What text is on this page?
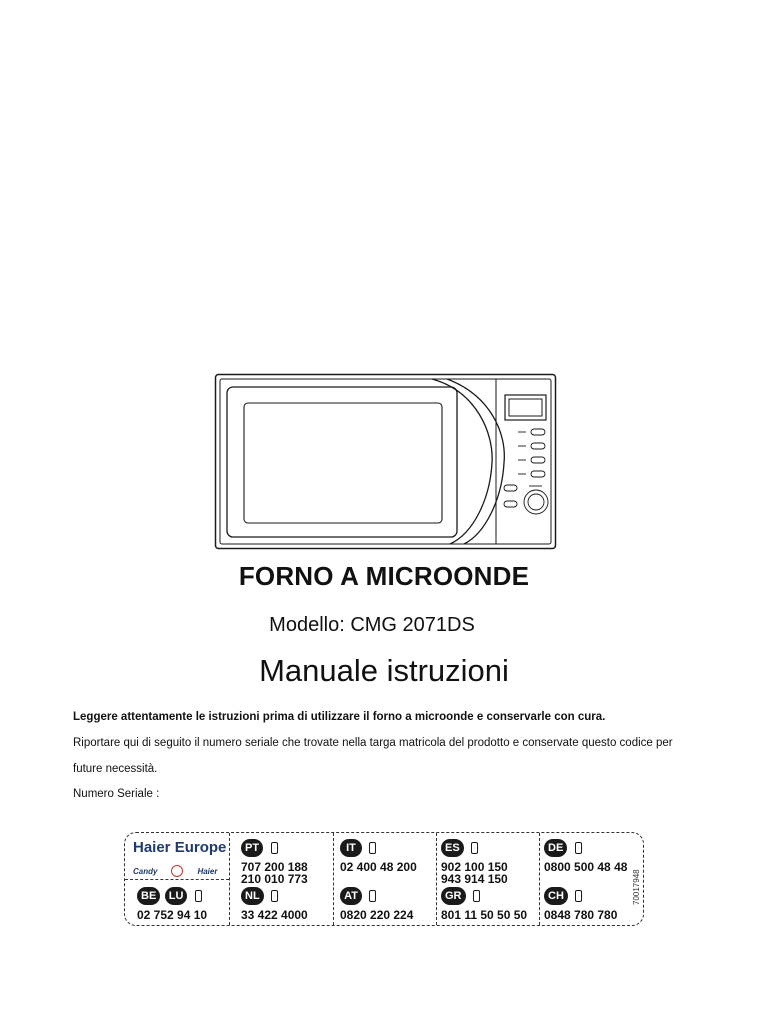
FORNO A MICROONDE
Modello: CMG 2071DS
Manuale istruzioni
Leggere attentamente le istruzioni prima di utilizzare il forno a microonde e conservarle con cura.
Riportare qui di seguito il numero seriale che trovate nella targa matricola del prodotto e conservate questo codice per
future necessità.
Numero Seriale :
Haier Europe
Candy	Haier
BE LU
02 752 94 10
PT
707 200 188
210 010 773
NL
33 422 4000
IT
02 400 48 200
AT
0820 220 224
ES
902 100 150
943 914 150
GR
801 11 50 50 50
DE
0800 500 48 48
CH
0848 780 780
70017948
